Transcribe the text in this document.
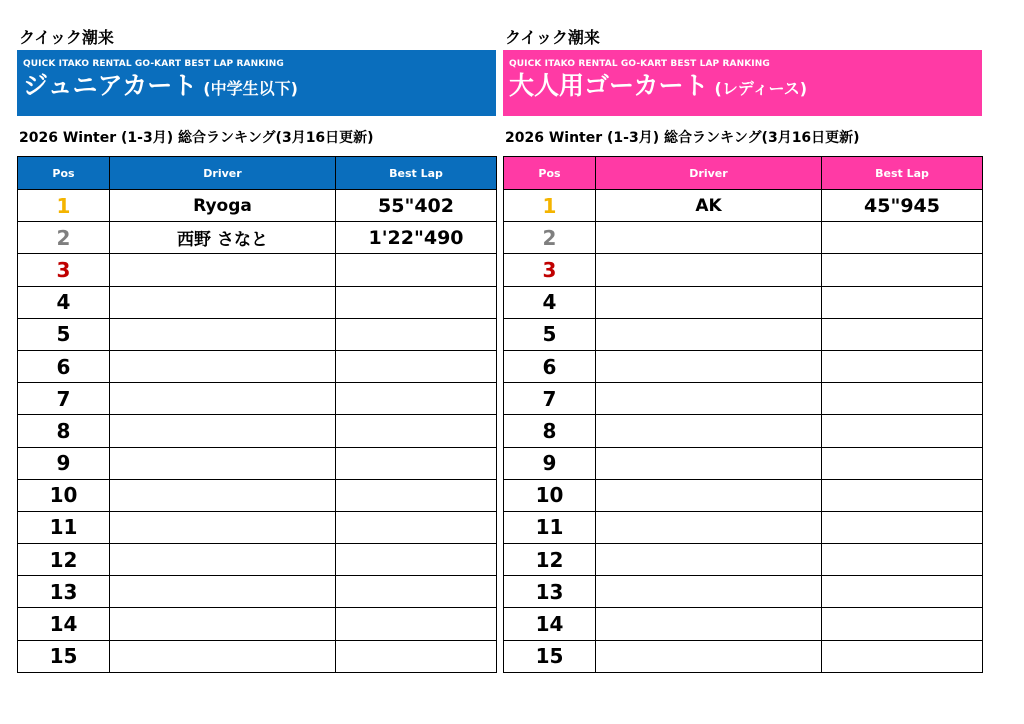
クイック潮来
QUICK ITAKO RENTAL GO-KART BEST LAP RANKING
ジュニアカート (中学生以下)
2026 Winter (1-3月) 総合ランキング(3月16日更新)
Pos	Driver	Best Lap
1	Ryoga	55"402
2	西野 さなと	1'22"490
3		
4		
5		
6		
7		
8		
9		
10		
11		
12		
13		
14		
15		
クイック潮来
QUICK ITAKO RENTAL GO-KART BEST LAP RANKING
大人用ゴーカート (レディース)
2026 Winter (1-3月) 総合ランキング(3月16日更新)
Pos	Driver	Best Lap
1	AK	45"945
2		
3		
4		
5		
6		
7		
8		
9		
10		
11		
12		
13		
14		
15		
